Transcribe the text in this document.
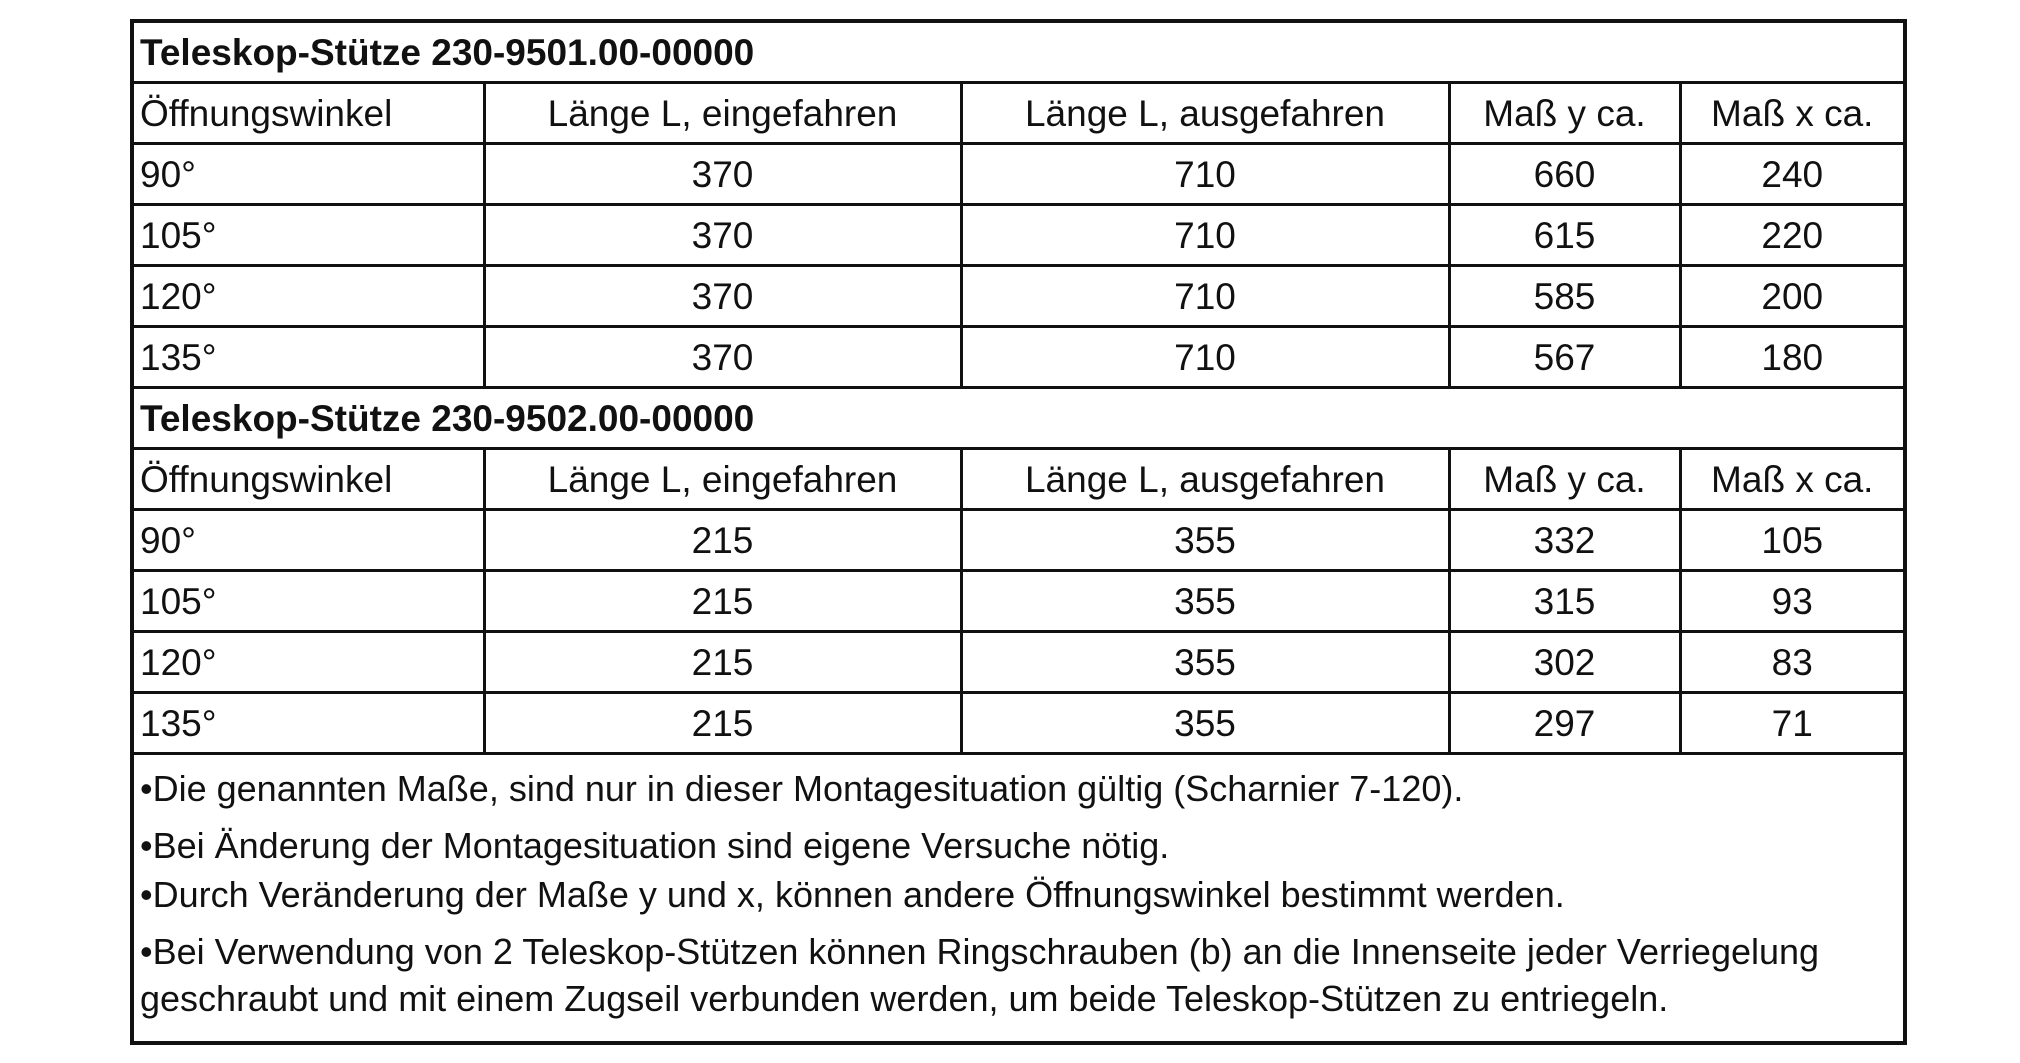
Teleskop-Stütze 230-9501.00-00000				
Öffnungswinkel	Länge L, eingefahren	Länge L, ausgefahren	Maß y ca.	Maß x ca.
90°	370	710	660	240
105°	370	710	615	220
120°	370	710	585	200
135°	370	710	567	180
Teleskop-Stütze 230-9502.00-00000				
Öffnungswinkel	Länge L, eingefahren	Länge L, ausgefahren	Maß y ca.	Maß x ca.
90°	215	355	332	105
105°	215	355	315	93
120°	215	355	302	83
135°	215	355	297	71

•Die genannten Maße, sind nur in dieser Montagesituation gültig (Scharnier 7-120).

•Bei Änderung der Montagesituation sind eigene Versuche nötig.

•Durch Veränderung der Maße y und x, können andere Öffnungswinkel bestimmt werden.

•Bei Verwendung von 2 Teleskop-Stützen können Ringschrauben (b) an die Innenseite jeder Verriegelung geschraubt und mit einem Zugseil verbunden werden, um beide Teleskop-Stützen zu entriegeln.
